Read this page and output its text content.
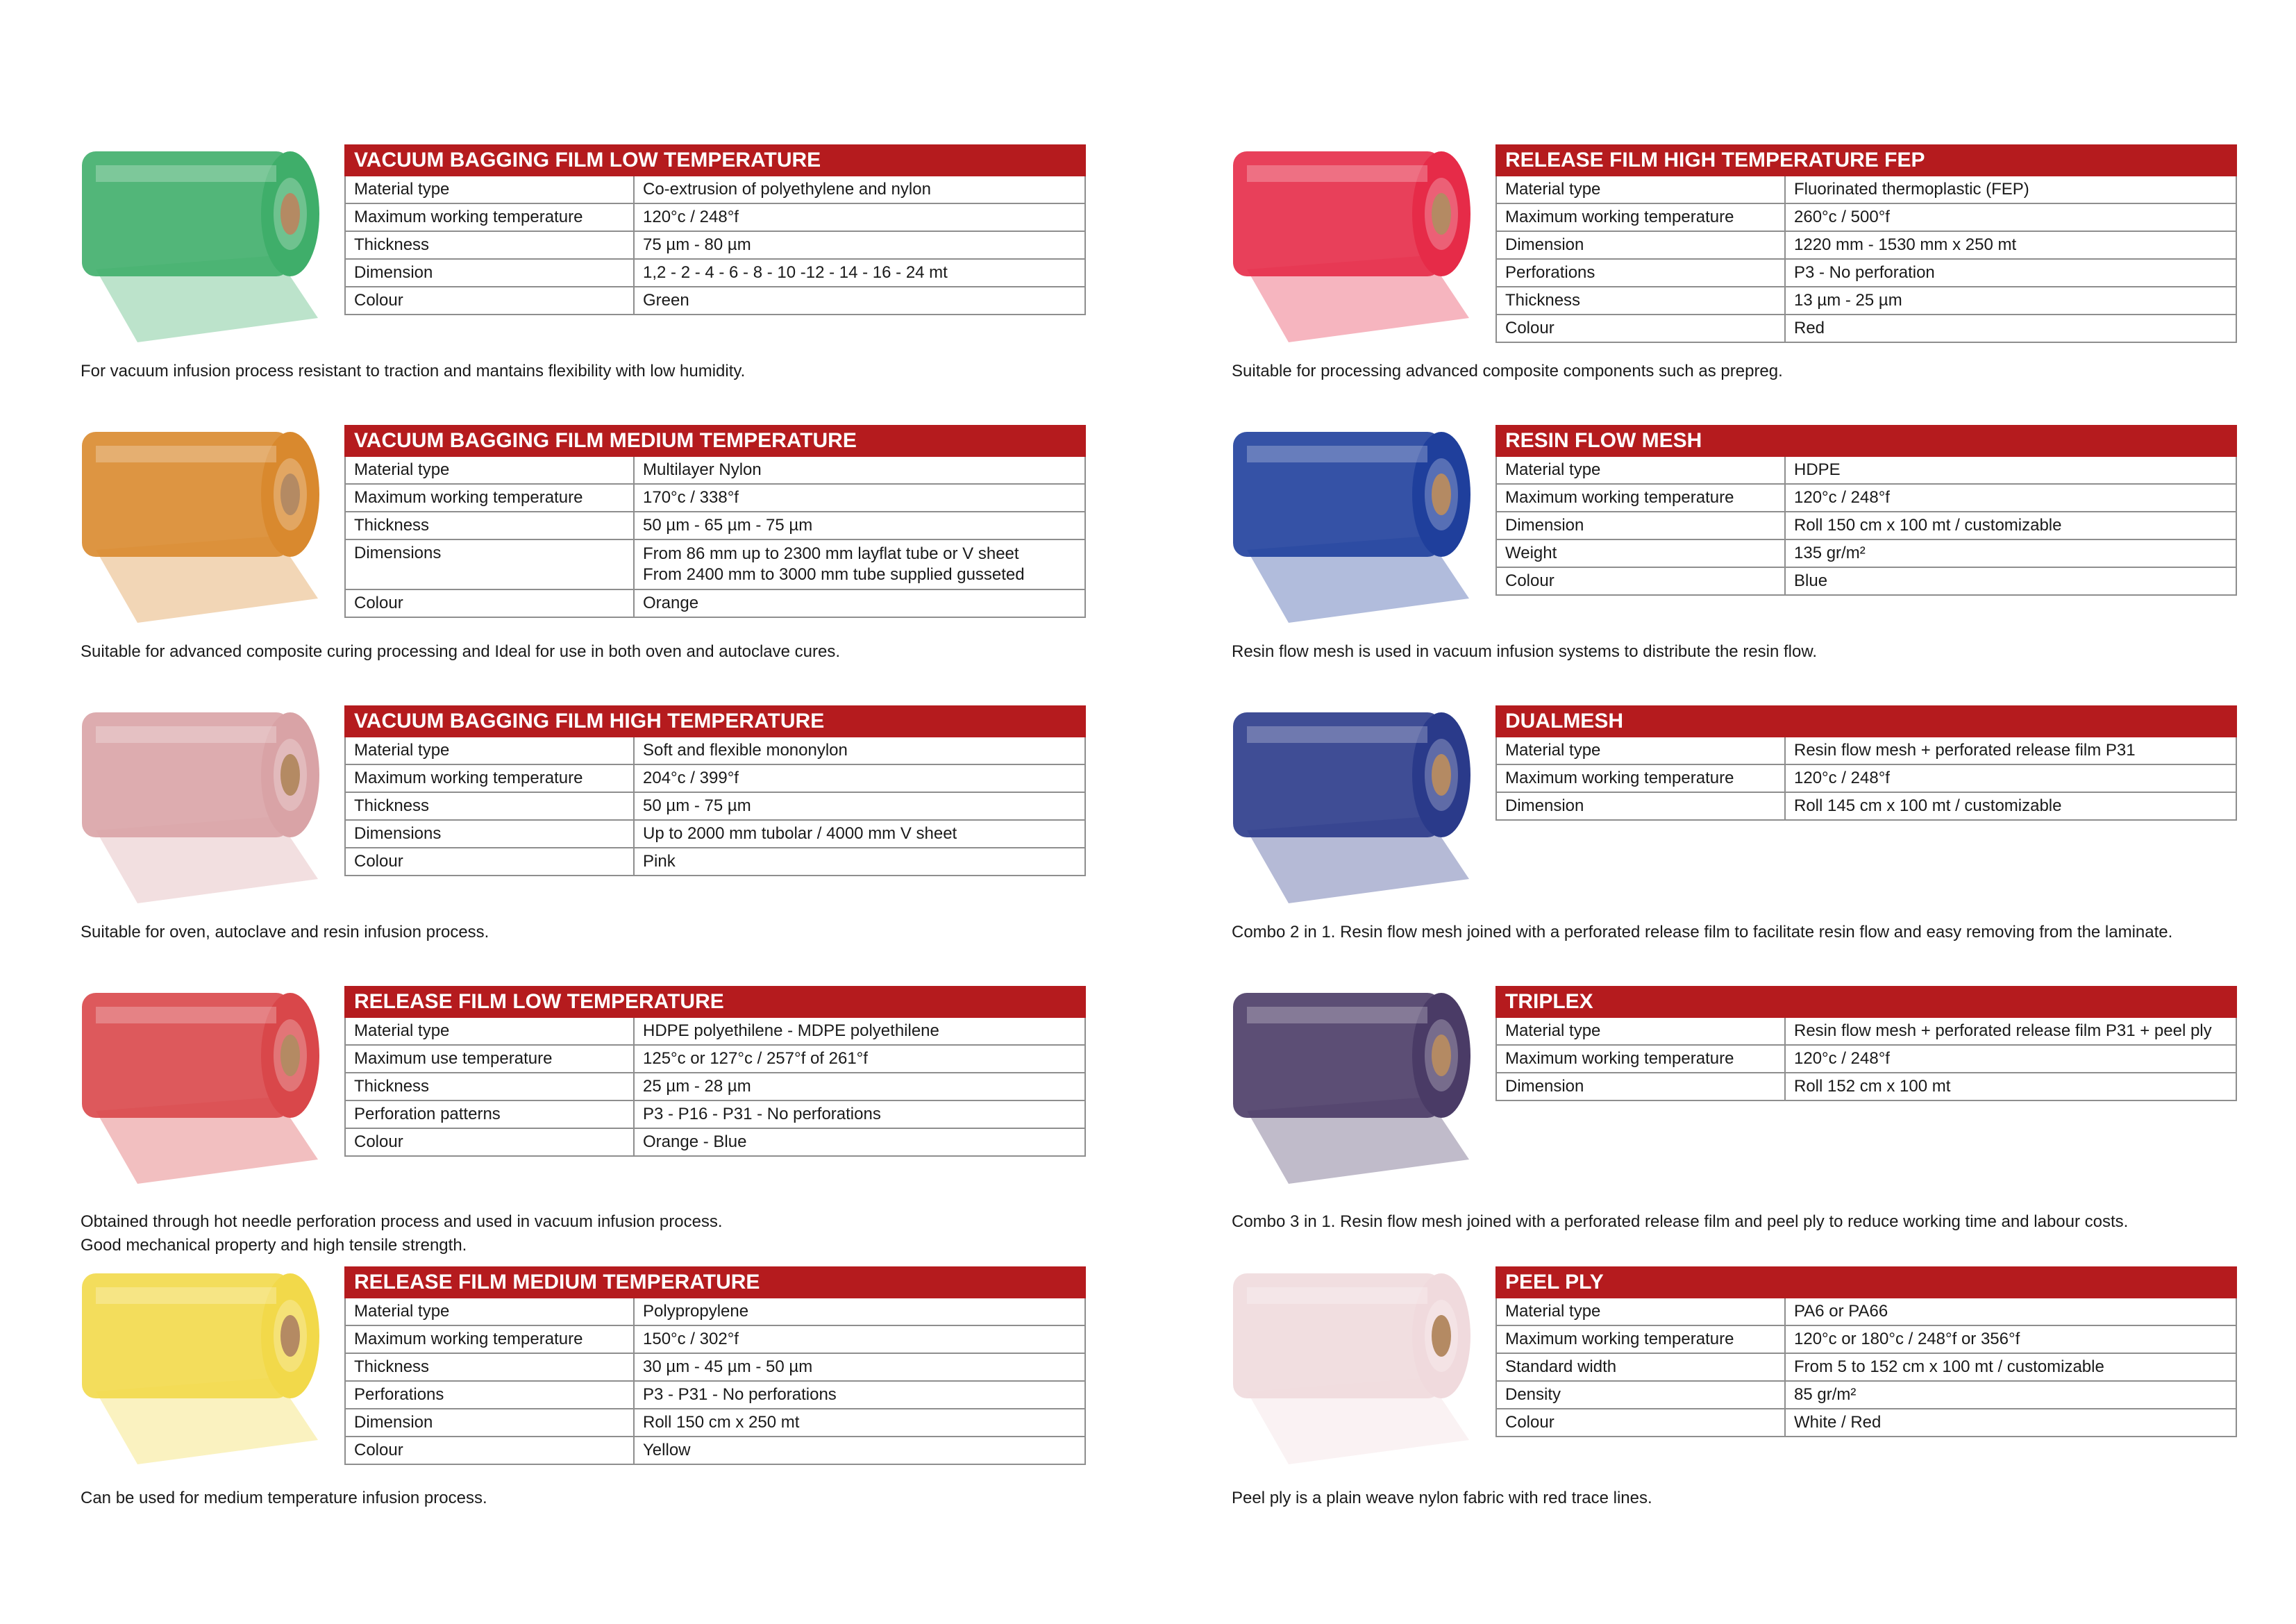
VACUUM BAGGING FILM LOW TEMPERATURE
Material type	Co-extrusion of polyethylene and nylon
Maximum working temperature	120°c / 248°f
Thickness	75 µm - 80 µm
Dimension	1,2 - 2 - 4 - 6 - 8 - 10 -12 - 14 - 16 - 24 mt
Colour	Green
For vacuum infusion process resistant to traction and mantains flexibility with low humidity.
VACUUM BAGGING FILM MEDIUM TEMPERATURE
Material type	Multilayer Nylon
Maximum working temperature	170°c / 338°f
Thickness	50 µm - 65 µm - 75 µm
Dimensions	From 86 mm up to 2300 mm layflat tube or V sheet
From 2400 mm to 3000 mm tube supplied gusseted
Colour	Orange
Suitable for advanced composite curing processing and Ideal for use in both oven and autoclave cures.
VACUUM BAGGING FILM HIGH TEMPERATURE
Material type	Soft and flexible mononylon
Maximum working temperature	204°c / 399°f
Thickness	50 µm - 75 µm
Dimensions	Up to 2000 mm tubolar / 4000 mm V sheet
Colour	Pink
Suitable for oven, autoclave and resin infusion process.
RELEASE FILM LOW TEMPERATURE
Material type	HDPE polyethilene - MDPE polyethilene
Maximum use temperature	125°c or 127°c / 257°f of 261°f
Thickness	25 µm - 28 µm
Perforation patterns	P3 - P16 - P31 - No perforations
Colour	Orange - Blue
Obtained through hot needle perforation process and used in vacuum infusion process.
Good mechanical property and high tensile strength.
RELEASE FILM MEDIUM TEMPERATURE
Material type	Polypropylene
Maximum working temperature	150°c / 302°f
Thickness	30 µm - 45 µm - 50 µm
Perforations	P3 - P31 - No perforations
Dimension	Roll 150 cm x 250 mt
Colour	Yellow
Can be used for medium temperature infusion process.
RELEASE FILM HIGH TEMPERATURE FEP
Material type	Fluorinated thermoplastic (FEP)
Maximum working temperature	260°c / 500°f
Dimension	1220 mm - 1530 mm x 250 mt
Perforations	P3 - No perforation
Thickness	13 µm - 25 µm
Colour	Red
Suitable for processing advanced composite components such as prepreg.
RESIN FLOW MESH
Material type	HDPE
Maximum working temperature	120°c / 248°f
Dimension	Roll 150 cm x 100 mt / customizable
Weight	135 gr/m²
Colour	Blue
Resin flow mesh is used in vacuum infusion systems to distribute the resin flow.
DUALMESH
Material type	Resin flow mesh + perforated release film P31
Maximum working temperature	120°c / 248°f
Dimension	Roll 145 cm x 100 mt / customizable
Combo 2 in 1. Resin flow mesh joined with a perforated release film to facilitate resin flow and easy removing from the laminate.
TRIPLEX
Material type	Resin flow mesh + perforated release film P31 + peel ply
Maximum working temperature	120°c / 248°f
Dimension	Roll 152 cm x 100 mt
Combo 3 in 1. Resin flow mesh joined with a perforated release film and peel ply to reduce working time and labour costs.
PEEL PLY
Material type	PA6 or PA66
Maximum working temperature	120°c or 180°c / 248°f or 356°f
Standard width	From 5 to 152 cm x 100 mt / customizable
Density	85 gr/m²
Colour	White / Red
Peel ply is a plain weave nylon fabric with red trace lines.
